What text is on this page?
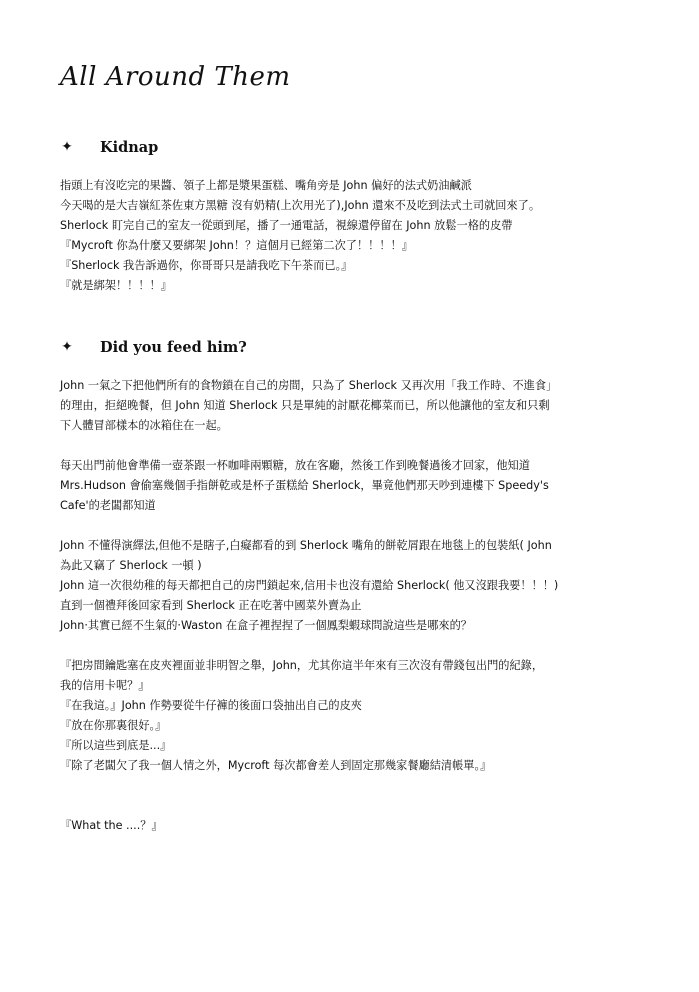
All Around Them
✦ Kidnap
指頭上有沒吃完的果醬、領子上都是漿果蛋糕、嘴角旁是 John 偏好的法式奶油鹹派
今天喝的是大吉嶺紅茶佐東方黑糖 沒有奶精(上次用光了),John 還來不及吃到法式土司就回來了。
Sherlock 盯完自己的室友一從頭到尾，播了一通電話，視線還停留在 John 放鬆一格的皮帶
『Mycroft 你為什麼又要綁架 John！？這個月已經第二次了！！！！』
『Sherlock 我告訴過你，你哥哥只是請我吃下午茶而已。』
『就是綁架！！！！』
✦ Did you feed him?
John 一氣之下把他們所有的食物鎖在自己的房間，只為了 Sherlock 又再次用「我工作時、不進食」
的理由，拒絕晚餐，但 John 知道 Sherlock 只是單純的討厭花椰菜而已，所以他讓他的室友和只剩
下人體冒部樣本的冰箱住在一起。
每天出門前他會準備一壺茶跟一杯咖啡兩顆糖，放在客廳，然後工作到晚餐過後才回家，他知道
Mrs.Hudson 會偷塞幾個手指餅乾或是杯子蛋糕給 Sherlock，畢竟他們那天吵到連樓下 Speedy's
Cafe'的老闆都知道
John 不懂得演繹法,但他不是瞎子,白癡都看的到 Sherlock 嘴角的餅乾屑跟在地毯上的包裝紙( John
為此又竊了 Sherlock 一頓 )
John 這一次很幼稚的每天都把自己的房門鎖起來,信用卡也沒有還給 Sherlock( 他又沒跟我要！！！)
直到一個禮拜後回家看到 Sherlock 正在吃著中國菜外賣為止
John·其實已經不生氣的·Waston 在盒子裡捏捏了一個鳳梨蝦球問說這些是哪來的？
『把房間鑰匙塞在皮夾裡面並非明智之舉，John，尤其你這半年來有三次沒有帶錢包出門的紀錄，
我的信用卡呢？』
『在我這。』John 作勢要從牛仔褲的後面口袋抽出自己的皮夾
『放在你那裏很好。』
『所以這些到底是...』
『除了老闆欠了我一個人情之外，Mycroft 每次都會差人到固定那幾家餐廳結清帳單。』
『What the ....？』
